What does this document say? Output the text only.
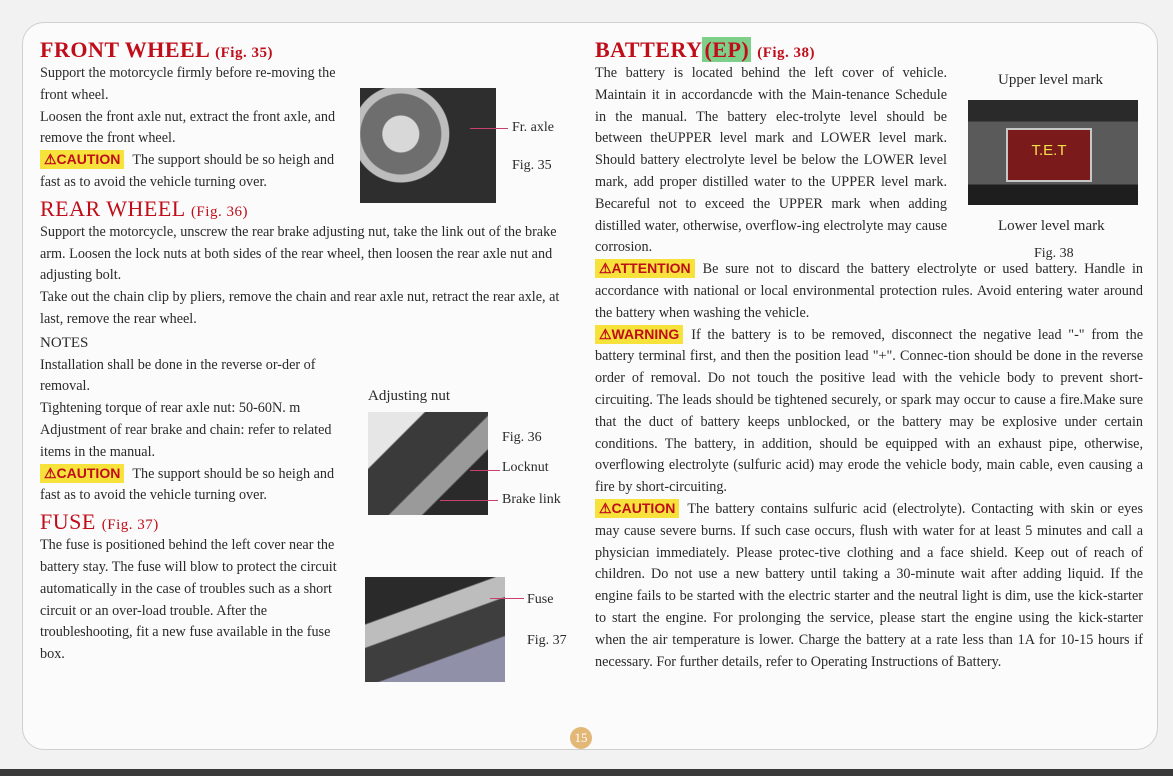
FRONT WHEEL (Fig. 35)

Support the motorcycle firmly before re-moving the front wheel.

Loosen the front axle nut, extract the front axle, and remove the front wheel.

⚠CAUTION The support should be so heigh and fast as to avoid the vehicle turning over.

REAR WHEEL (Fig. 36)

Support the motorcycle, unscrew the rear brake adjusting nut, take the link out of the brake arm. Loosen the lock nuts at both sides of the rear wheel, then loosen the rear axle nut and adjusting bolt.

Take out the chain clip by pliers, remove the chain and rear axle nut, retract the rear axle, at last, remove the rear wheel.

NOTES

Installation shall be done in the reverse or-der of removal.

Tightening torque of rear axle nut: 50-60N. m Adjustment of rear brake and chain: refer to related items in the manual.

⚠CAUTION The support should be so heigh and fast as to avoid the vehicle turning over.

FUSE (Fig. 37)

The fuse is positioned behind the left cover near the battery stay. The fuse will blow to protect the circuit automatically in the case of troubles such as a short circuit or an over-load trouble. After the troubleshooting, fit a new fuse available in the fuse box.

Fr. axle
Fig. 35
Adjusting nut
Fig. 36
Locknut
Brake link
Fuse
Fig. 37
BATTERY(EP) (Fig. 38)

The battery is located behind the left cover of vehicle. Maintain it in accordancde with the Main-tenance Schedule in the manual. The battery elec-trolyte level should be between theUPPER level mark and LOWER level mark. Should battery electrolyte level be below the LOWER level mark, add proper distilled water to the UPPER level mark. Becareful not to exceed the UPPER mark when adding distilled water, otherwise, overflow-ing electrolyte may cause corrosion.

⚠ATTENTION Be sure not to discard the battery electrolyte or used battery. Handle in accordance with national or local environmental protection rules. Avoid entering water around the battery when washing the vehicle.

⚠WARNING If the battery is to be removed, disconnect the negative lead "-" from the battery terminal first, and then the position lead "+". Connec-tion should be done in the reverse order of removal. Do not touch the positive lead with the vehicle body to prevent short-circuiting. The leads should be tightened securely, or spark may occur to cause a fire.Make sure that the duct of battery keeps unblocked, or the battery may be explosive under certain conditions. The battery, in addition, should be equipped with an exhaust pipe, otherwise, overflowing electrolyte (sulfuric acid) may erode the vehicle body, main cable, even causing a fire by short-circuiting.

⚠CAUTION The battery contains sulfuric acid (electrolyte). Contacting with skin or eyes may cause severe burns. If such case occurs, flush with water for at least 5 minutes and call a physician immediately. Please protec-tive clothing and a face shield. Keep out of reach of children. Do not use a new battery until taking a 30-minute wait after adding liquid. If the engine fails to be started with the electric starter and the neutral light is dim, use the kick-starter to start the engine. For prolonging the service, please start the engine using the kick-starter when the air temperature is lower. Charge the battery at a rate less than 1A for 10-15 hours if necessary. For further details, refer to Operating Instructions of Battery.

Upper level mark
T.E.T
Lower level mark
Fig. 38
15
